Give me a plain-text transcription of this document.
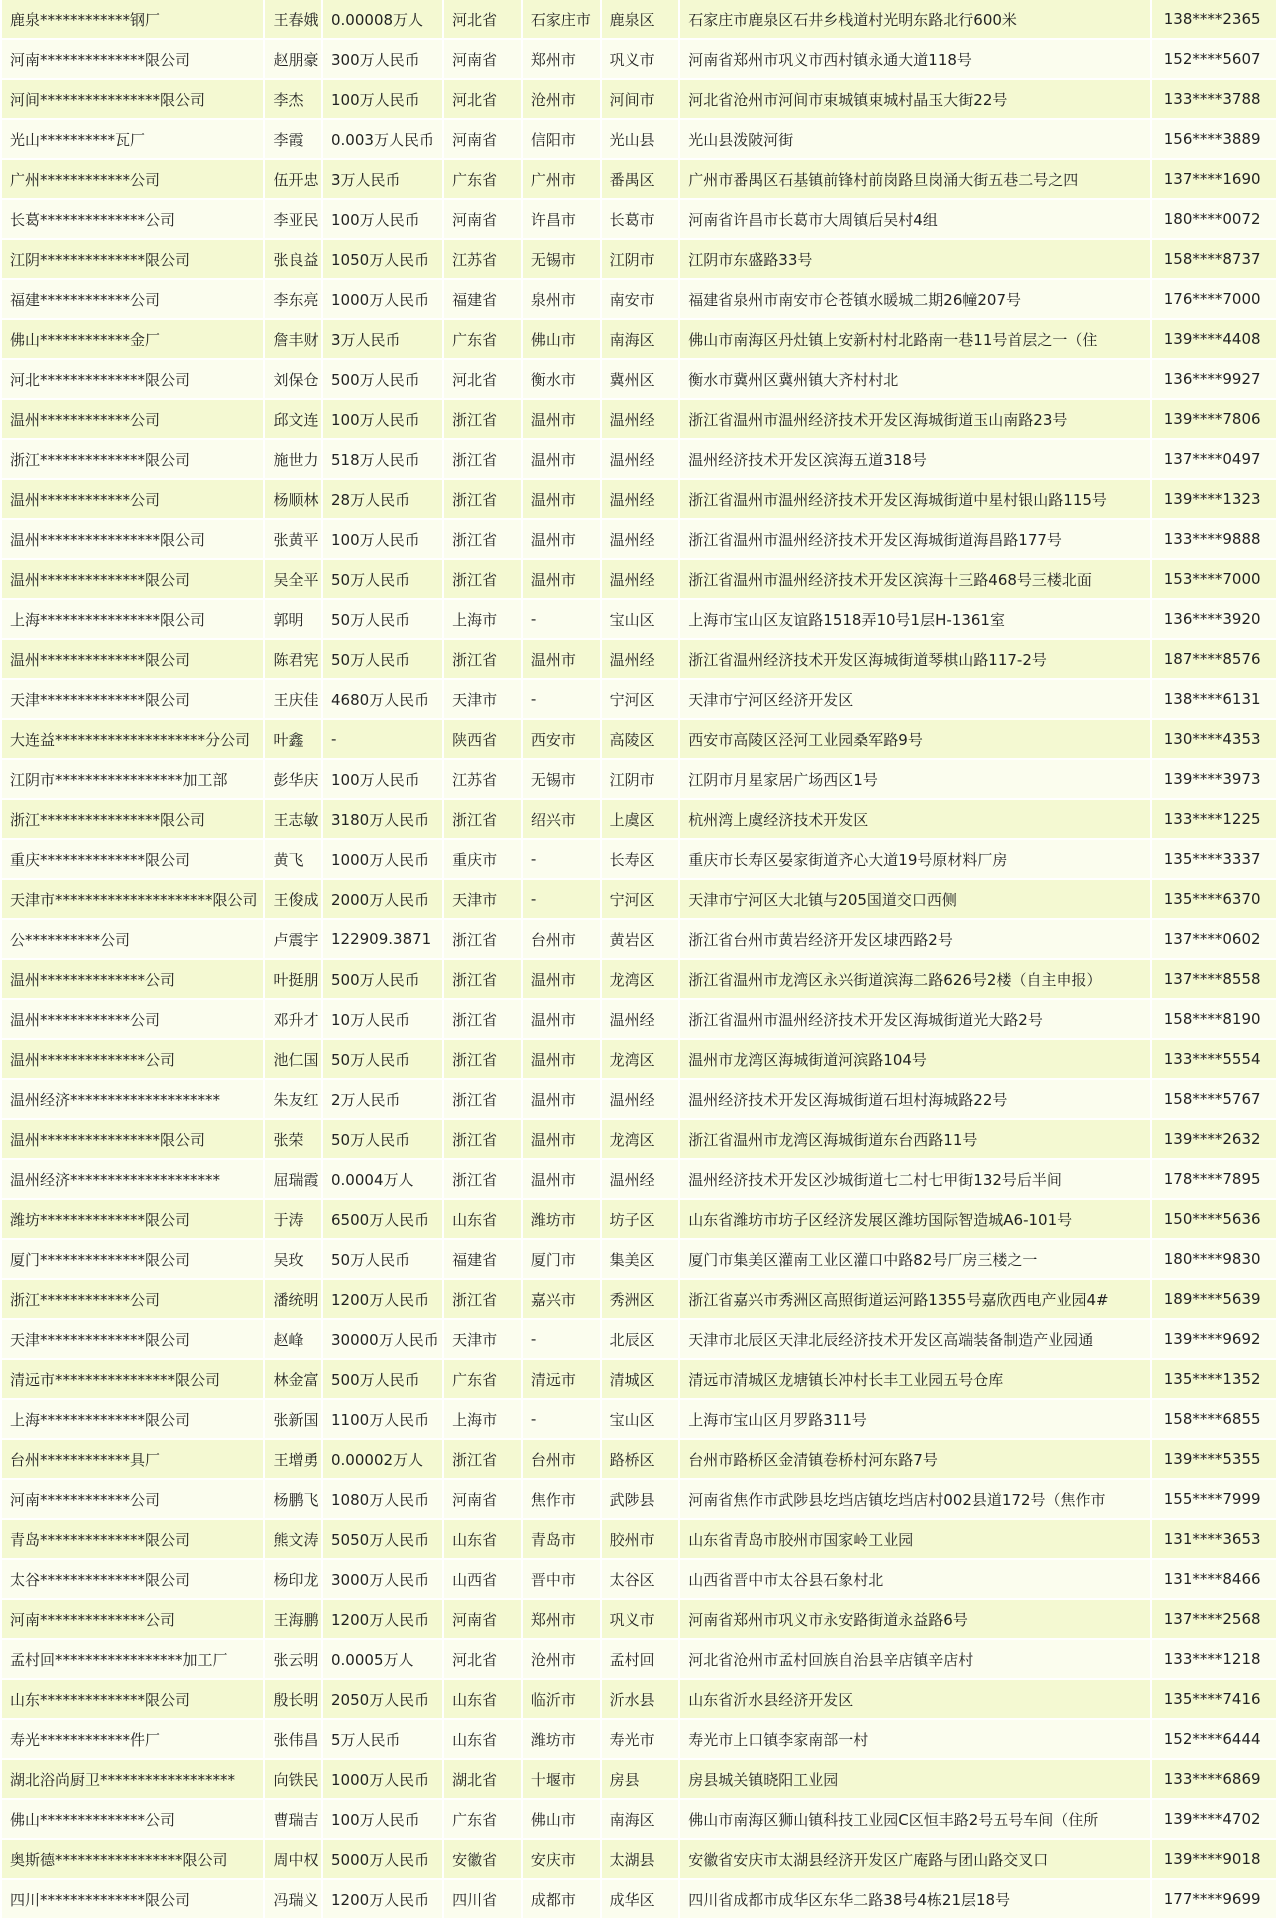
鹿泉************钢厂	王春娥	0.00008万人	河北省	石家庄市	鹿泉区	石家庄市鹿泉区石井乡栈道村光明东路北行600米	138****2365
河南**************限公司	赵朋豪	300万人民币	河南省	郑州市	巩义市	河南省郑州市巩义市西村镇永通大道118号	152****5607
河间****************限公司	李杰	100万人民币	河北省	沧州市	河间市	河北省沧州市河间市束城镇束城村晶玉大街22号	133****3788
光山**********瓦厂	李霞	0.003万人民币	河南省	信阳市	光山县	光山县泼陂河街	156****3889
广州************公司	伍开忠	3万人民币	广东省	广州市	番禺区	广州市番禺区石基镇前锋村前岗路旦岗涌大街五巷二号之四	137****1690
长葛**************公司	李亚民	100万人民币	河南省	许昌市	长葛市	河南省许昌市长葛市大周镇后吴村4组	180****0072
江阴**************限公司	张良益	1050万人民币	江苏省	无锡市	江阴市	江阴市东盛路33号	158****8737
福建************公司	李东亮	1000万人民币	福建省	泉州市	南安市	福建省泉州市南安市仑苍镇水暖城二期26幢207号	176****7000
佛山************金厂	詹丰财	3万人民币	广东省	佛山市	南海区	佛山市南海区丹灶镇上安新村村北路南一巷11号首层之一（住	139****4408
河北**************限公司	刘保仓	500万人民币	河北省	衡水市	冀州区	衡水市冀州区冀州镇大齐村村北	136****9927
温州************公司	邱文连	100万人民币	浙江省	温州市	温州经	浙江省温州市温州经济技术开发区海城街道玉山南路23号	139****7806
浙江**************限公司	施世力	518万人民币	浙江省	温州市	温州经	温州经济技术开发区滨海五道318号	137****0497
温州************公司	杨顺林	28万人民币	浙江省	温州市	温州经	浙江省温州市温州经济技术开发区海城街道中星村银山路115号	139****1323
温州****************限公司	张黄平	100万人民币	浙江省	温州市	温州经	浙江省温州市温州经济技术开发区海城街道海昌路177号	133****9888
温州**************限公司	吴全平	50万人民币	浙江省	温州市	温州经	浙江省温州市温州经济技术开发区滨海十三路468号三楼北面	153****7000
上海****************限公司	郭明	50万人民币	上海市	-	宝山区	上海市宝山区友谊路1518弄10号1层H-1361室	136****3920
温州**************限公司	陈君宪	50万人民币	浙江省	温州市	温州经	浙江省温州经济技术开发区海城街道琴棋山路117-2号	187****8576
天津**************限公司	王庆佳	4680万人民币	天津市	-	宁河区	天津市宁河区经济开发区	138****6131
大连益********************分公司	叶鑫	-	陕西省	西安市	高陵区	西安市高陵区泾河工业园桑军路9号	130****4353
江阴市*****************加工部	彭华庆	100万人民币	江苏省	无锡市	江阴市	江阴市月星家居广场西区1号	139****3973
浙江****************限公司	王志敏	3180万人民币	浙江省	绍兴市	上虞区	杭州湾上虞经济技术开发区	133****1225
重庆**************限公司	黄飞	1000万人民币	重庆市	-	长寿区	重庆市长寿区晏家街道齐心大道19号原材料厂房	135****3337
天津市*********************限公司	王俊成	2000万人民币	天津市	-	宁河区	天津市宁河区大北镇与205国道交口西侧	135****6370
公**********公司	卢震宇	122909.3871	浙江省	台州市	黄岩区	浙江省台州市黄岩经济开发区埭西路2号	137****0602
温州**************公司	叶挺朋	500万人民币	浙江省	温州市	龙湾区	浙江省温州市龙湾区永兴街道滨海二路626号2楼（自主申报）	137****8558
温州************公司	邓升才	10万人民币	浙江省	温州市	温州经	浙江省温州市温州经济技术开发区海城街道光大路2号	158****8190
温州**************公司	池仁国	50万人民币	浙江省	温州市	龙湾区	温州市龙湾区海城街道河滨路104号	133****5554
温州经济********************	朱友红	2万人民币	浙江省	温州市	温州经	温州经济技术开发区海城街道石坦村海城路22号	158****5767
温州****************限公司	张荣	50万人民币	浙江省	温州市	龙湾区	浙江省温州市龙湾区海城街道东台西路11号	139****2632
温州经济********************	屈瑞霞	0.0004万人	浙江省	温州市	温州经	温州经济技术开发区沙城街道七二村七甲街132号后半间	178****7895
潍坊**************限公司	于涛	6500万人民币	山东省	潍坊市	坊子区	山东省潍坊市坊子区经济发展区潍坊国际智造城A6-101号	150****5636
厦门**************限公司	吴玫	50万人民币	福建省	厦门市	集美区	厦门市集美区灌南工业区灌口中路82号厂房三楼之一	180****9830
浙江************公司	潘统明	1200万人民币	浙江省	嘉兴市	秀洲区	浙江省嘉兴市秀洲区高照街道运河路1355号嘉欣西电产业园4#	189****5639
天津**************限公司	赵峰	30000万人民币	天津市	-	北辰区	天津市北辰区天津北辰经济技术开发区高端装备制造产业园通	139****9692
清远市****************限公司	林金富	500万人民币	广东省	清远市	清城区	清远市清城区龙塘镇长冲村长丰工业园五号仓库	135****1352
上海**************限公司	张新国	1100万人民币	上海市	-	宝山区	上海市宝山区月罗路311号	158****6855
台州************具厂	王增勇	0.00002万人	浙江省	台州市	路桥区	台州市路桥区金清镇卷桥村河东路7号	139****5355
河南************公司	杨鹏飞	1080万人民币	河南省	焦作市	武陟县	河南省焦作市武陟县圪垱店镇圪垱店村002县道172号（焦作市	155****7999
青岛**************限公司	熊文涛	5050万人民币	山东省	青岛市	胶州市	山东省青岛市胶州市国家岭工业园	131****3653
太谷**************限公司	杨印龙	3000万人民币	山西省	晋中市	太谷区	山西省晋中市太谷县石象村北	131****8466
河南**************公司	王海鹏	1200万人民币	河南省	郑州市	巩义市	河南省郑州市巩义市永安路街道永益路6号	137****2568
孟村回*****************加工厂	张云明	0.0005万人	河北省	沧州市	孟村回	河北省沧州市孟村回族自治县辛店镇辛店村	133****1218
山东**************限公司	殷长明	2050万人民币	山东省	临沂市	沂水县	山东省沂水县经济开发区	135****7416
寿光************件厂	张伟昌	5万人民币	山东省	潍坊市	寿光市	寿光市上口镇李家南部一村	152****6444
湖北浴尚厨卫******************	向铁民	1000万人民币	湖北省	十堰市	房县	房县城关镇晓阳工业园	133****6869
佛山**************公司	曹瑞吉	100万人民币	广东省	佛山市	南海区	佛山市南海区狮山镇科技工业园C区恒丰路2号五号车间（住所	139****4702
奥斯德*****************限公司	周中权	5000万人民币	安徽省	安庆市	太湖县	安徽省安庆市太湖县经济开发区广庵路与团山路交叉口	139****9018
四川**************限公司	冯瑞义	1200万人民币	四川省	成都市	成华区	四川省成都市成华区东华二路38号4栋21层18号	177****9699
